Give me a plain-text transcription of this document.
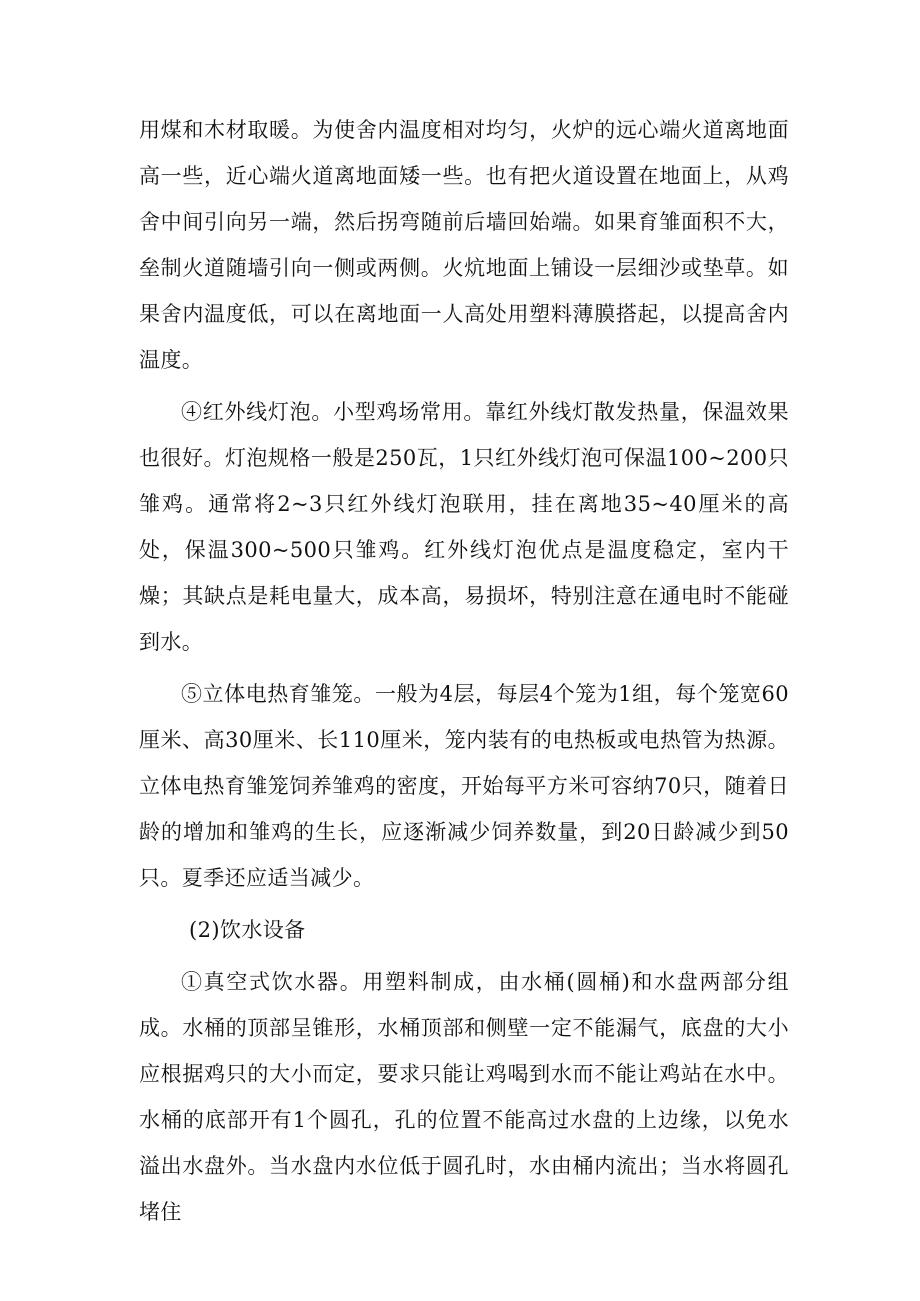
用煤和木材取暖。为使舍内温度相对均匀，火炉的远心端火道离地面高一些，近心端火道离地面矮一些。也有把火道设置在地面上，从鸡舍中间引向另一端，然后拐弯随前后墙回始端。如果育雏面积不大，垒制火道随墙引向一侧或两侧。火炕地面上铺设一层细沙或垫草。如果舍内温度低，可以在离地面一人高处用塑料薄膜搭起，以提高舍内温度。

④红外线灯泡。小型鸡场常用。靠红外线灯散发热量，保温效果也很好。灯泡规格一般是250瓦，1只红外线灯泡可保温100~200只雏鸡。通常将2~3只红外线灯泡联用，挂在离地35~40厘米的高处，保温300~500只雏鸡。红外线灯泡优点是温度稳定，室内干燥；其缺点是耗电量大，成本高，易损坏，特别注意在通电时不能碰到水。

⑤立体电热育雏笼。一般为4层，每层4个笼为1组，每个笼宽60厘米、高30厘米、长110厘米，笼内装有的电热板或电热管为热源。立体电热育雏笼饲养雏鸡的密度，开始每平方米可容纳70只，随着日龄的增加和雏鸡的生长，应逐渐减少饲养数量，到20日龄减少到50只。夏季还应适当减少。

(2)饮水设备

①真空式饮水器。用塑料制成，由水桶(圆桶)和水盘两部分组成。水桶的顶部呈锥形，水桶顶部和侧壁一定不能漏气，底盘的大小应根据鸡只的大小而定，要求只能让鸡喝到水而不能让鸡站在水中。水桶的底部开有1个圆孔，孔的位置不能高过水盘的上边缘，以免水溢出水盘外。当水盘内水位低于圆孔时，水由桶内流出；当水将圆孔堵住
